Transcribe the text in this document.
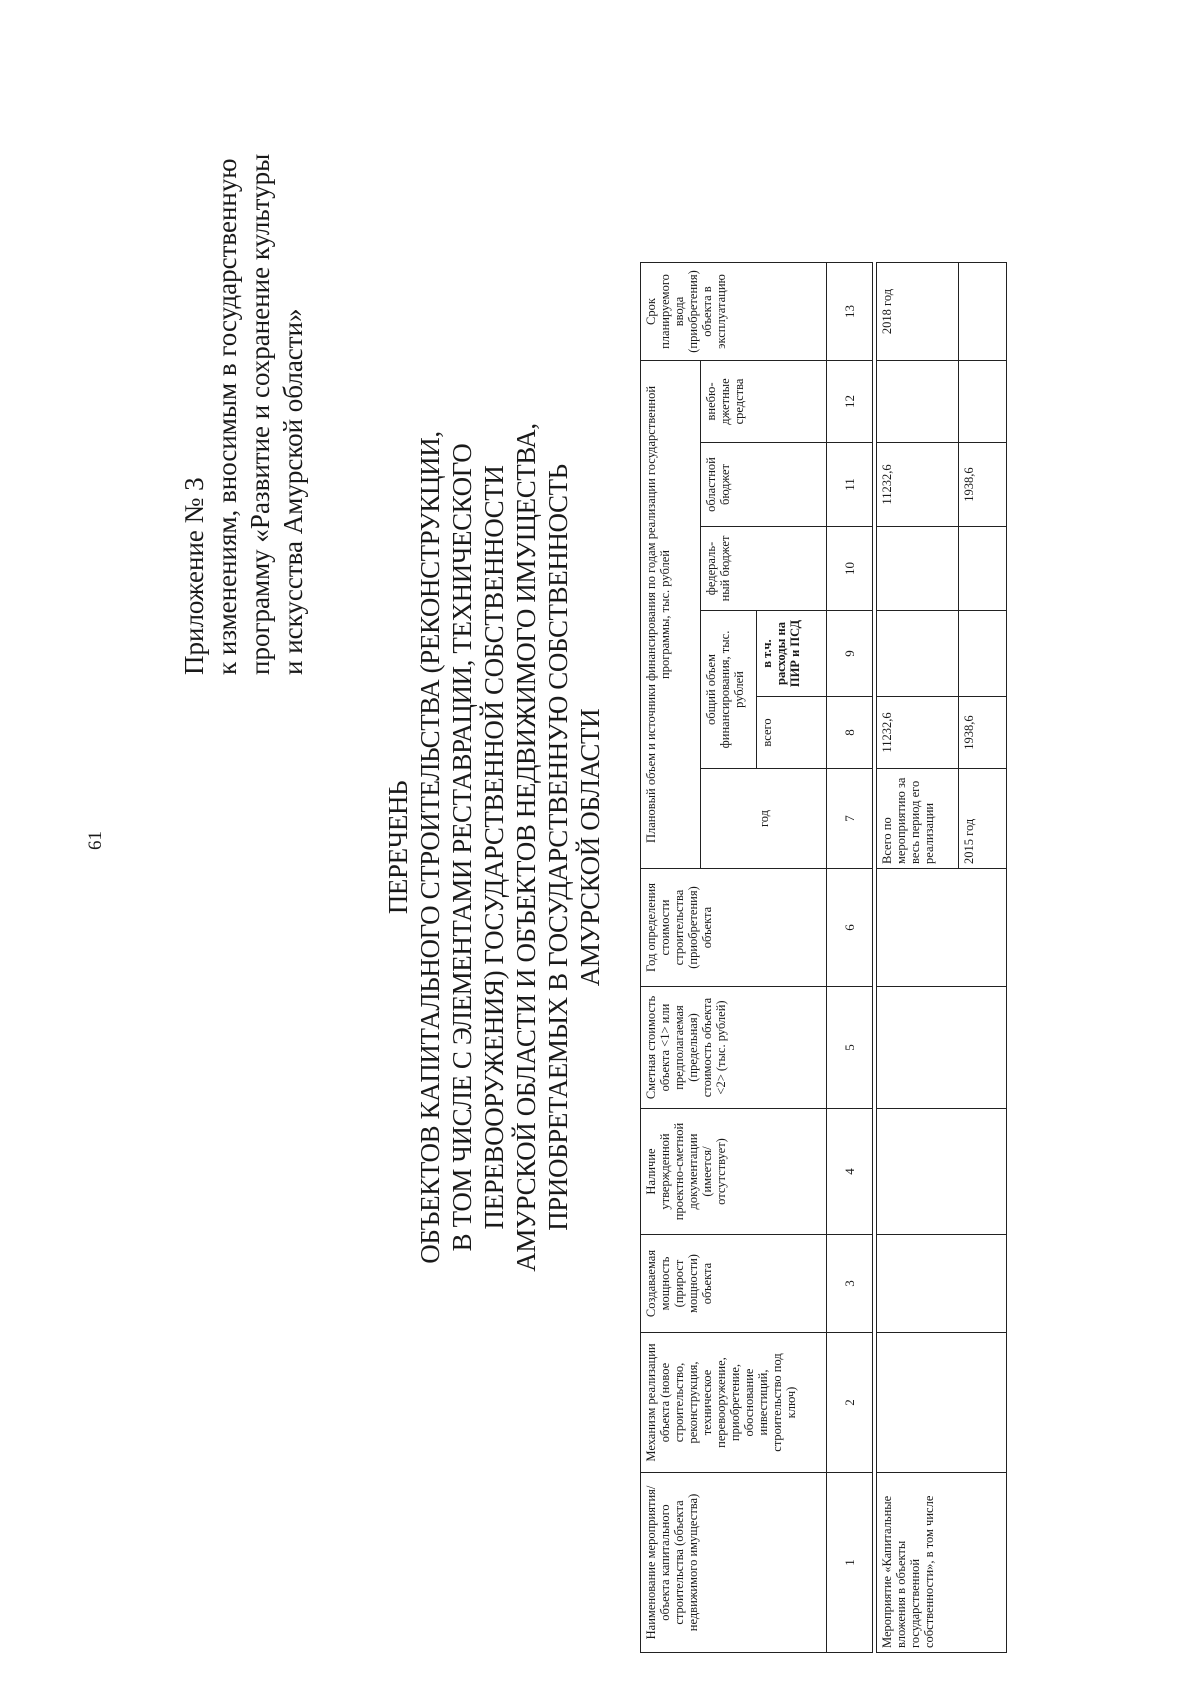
61
Приложение № 3 к изменениям, вносимым в государственную программу «Развитие и сохранение культуры и искусства Амурской области»
ПЕРЕЧЕНЬ ОБЪЕКТОВ КАПИТАЛЬНОГО СТРОИТЕЛЬСТВА (РЕКОНСТРУКЦИИ, В ТОМ ЧИСЛЕ С ЭЛЕМЕНТАМИ РЕСТАВРАЦИИ, ТЕХНИЧЕСКОГО ПЕРЕВООРУЖЕНИЯ) ГОСУДАРСТВЕННОЙ СОБСТВЕННОСТИ АМУРСКОЙ ОБЛАСТИ И ОБЪЕКТОВ НЕДВИЖИМОГО ИМУЩЕСТВА, ПРИОБРЕТАЕМЫХ В ГОСУДАРСТВЕННУЮ СОБСТВЕННОСТЬ АМУРСКОЙ ОБЛАСТИ
Наименование мероприятия/объекта капитального строительства (объекта недвижимого имущества)	Механизм реализации объекта (новое строительство, реконструкция, техническое перевооружение, приобретение, обоснование инвестиций, строительство под ключ)	Создаваемая мощность (прирост мощности) объекта	Наличие утвержденной проектно-сметной документации (имеется/ отсутствует)	Сметная стоимость объекта <1> или предполагаемая (предельная) стоимость объекта <2> (тыс. рублей)	Год определения стоимости строительства (приобретения) объекта	Плановый объем и источники финансирования по годам реализации государственной программы, тыс. рублей						Срок планируемого ввода (приобретения) объекта в эксплуатацию
						год	общий объем финансирования, тыс. рублей		федераль-ный бюджет	областной бюджет	внебю-джетные средства	
							всего	в т.ч. расходы на ПИР и ПСД				
1	2	3	4	5	6	7	8	9	10	11	12	13

Мероприятие «Капитальные вложения в объекты государственной собственности», в том числе						Всего по мероприятию за весь период его реализации	11232,6			11232,6		2018 год
						2015 год	1938,6			1938,6		
